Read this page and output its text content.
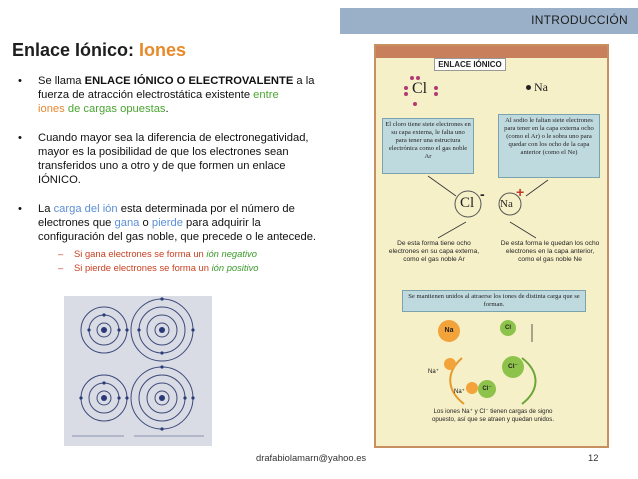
INTRODUCCIÓN
Enlace Iónico: Iones
• Se llama ENLACE IÓNICO O ELECTROVALENTE a la fuerza de atracción electrostática existente entre
iones de cargas opuestas.
• Cuando mayor sea la diferencia de electronegatividad, mayor es la posibilidad de que los electrones sean transferidos uno a otro y de que formen un enlace IÓNICO.
• La carga del ión esta determinada por el número de electrones que gana o pierde para adquirir la configuración del gas noble, que precede o le antecede.
– Si gana electrones se forma un ión negativo
– Si pierde electrones se forma un ión positivo
ENLACE IÓNICO
Cl	Na
El cloro tiene siete electrones en su capa externa, le falta uno para tener una estructura electrónica como el gas noble Ar
Al sodio le faltan siete electrones para tener en la capa externa ocho (como el Ar) o le sobra uno para quedar con los ocho de la capa anterior (como el Ne)
Cl
-
Na
+
De esta forma tiene ocho electrones en su capa externa, como el gas noble Ar
De esta forma le quedan los ocho electrones en la capa anterior, como el gas noble Ne
Se mantienen unidos al atraerse los iones de distinta carga que se forman.
Na	Cl
Na⁺
Cl⁻
Na⁺	Cl⁻
Los iones Na⁺ y Cl⁻ tienen cargas de signo opuesto, así que se atraen y quedan unidos.
drafabiolamarn@yahoo.es	12
